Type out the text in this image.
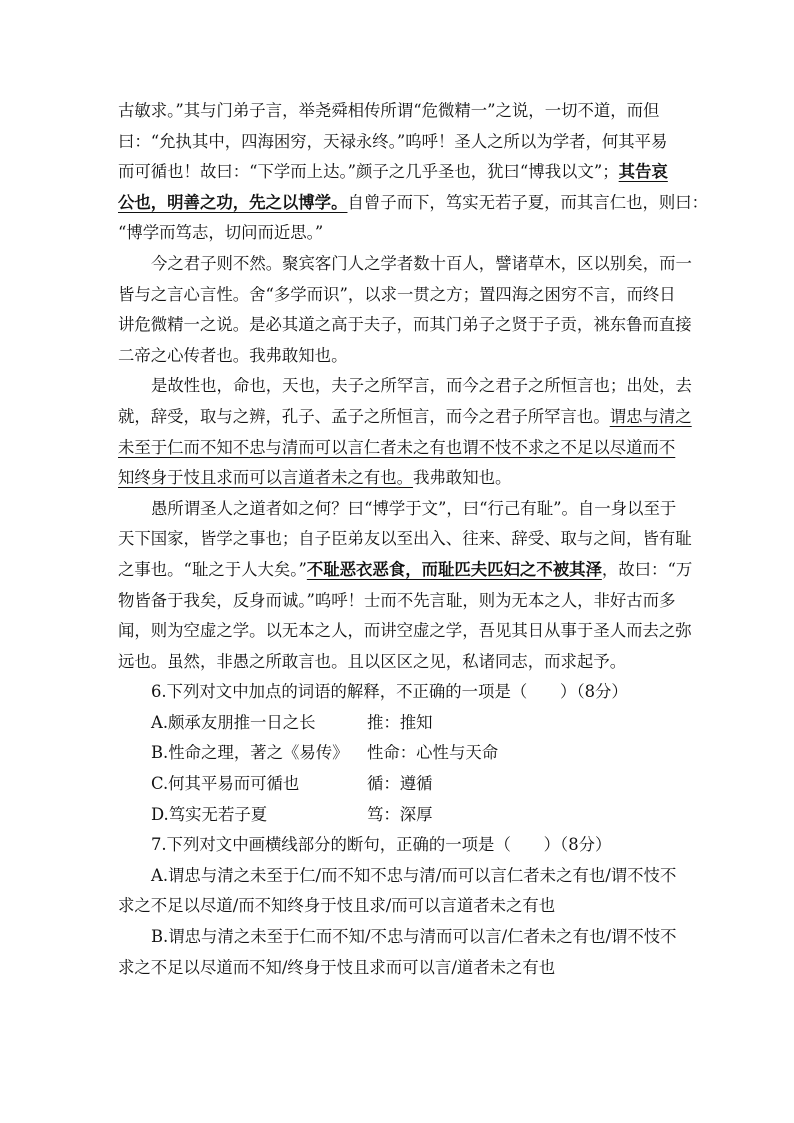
古敏求。”其与门弟子言，举尧舜相传所谓“危微精一”之说，一切不道，而但
曰：“允执其中，四海困穷，天禄永终。”呜呼！圣人之所以为学者，何其平易
而可循也！故曰：“下学而上达。”颜子之几乎圣也，犹曰“博我以文”；其告哀
公也，明善之功，先之以博学。自曾子而下，笃实无若子夏，而其言仁也，则曰：
“博学而笃志，切问而近思。”
今之君子则不然。聚宾客门人之学者数十百人，譬诸草木，区以别矣，而一
皆与之言心言性。舍“多学而识”，以求一贯之方；置四海之困穷不言，而终日
讲危微精一之说。是必其道之高于夫子，而其门弟子之贤于子贡，祧东鲁而直接
二帝之心传者也。我弗敢知也。
是故性也，命也，天也，夫子之所罕言，而今之君子之所恒言也；出处，去
就，辞受，取与之辨，孔子、孟子之所恒言，而今之君子所罕言也。谓忠与清之
未至于仁而不知不忠与清而可以言仁者未之有也谓不忮不求之不足以尽道而不
知终身于忮且求而可以言道者未之有也。我弗敢知也。
愚所谓圣人之道者如之何？曰“博学于文”，曰“行己有耻”。自一身以至于
天下国家，皆学之事也；自子臣弟友以至出入、往来、辞受、取与之间，皆有耻
之事也。“耻之于人大矣。”不耻恶衣恶食，而耻匹夫匹妇之不被其泽，故曰：“万
物皆备于我矣，反身而诚。”呜呼！士而不先言耻，则为无本之人，非好古而多
闻，则为空虚之学。以无本之人，而讲空虚之学，吾见其日从事于圣人而去之弥
远也。虽然，非愚之所敢言也。且以区区之见，私诸同志，而求起予。
6.下列对文中加点的词语的解释，不正确的一项是（　　）（8分）
A.颇承友朋推一日之长	推：推知
B.性命之理，著之《易传》 性命：心性与天命
C.何其平易而可循也	循：遵循
D.笃实无若子夏	笃：深厚
7.下列对文中画横线部分的断句，正确的一项是（　　）（8分）
A.谓忠与清之未至于仁/而不知不忠与清/而可以言仁者未之有也/谓不忮不
求之不足以尽道/而不知终身于忮且求/而可以言道者未之有也
B.谓忠与清之未至于仁而不知/不忠与清而可以言/仁者未之有也/谓不忮不
求之不足以尽道而不知/终身于忮且求而可以言/道者未之有也
